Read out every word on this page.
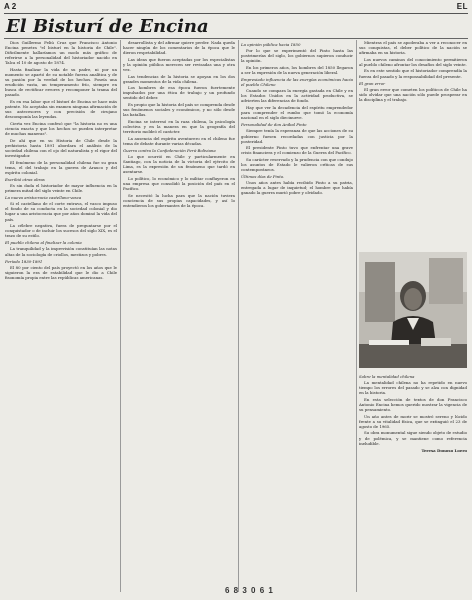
A 2	EL
El Bisturí de Encina

Dios Guillermo Feliú Cruz que Francisco Antonio Encina penetra "el bisturí en la historia de Chile". Dificilmente hallaríamos un modo más gráfico de referirse a la personalidad del historiador nacido en Talca el 10 de agosto de 1874.

Hasta finalizar la vida de su padre, ni por un momento se apartó de su notable fuerza analítica y de su pasión por la verdad de los hechos. Poseía una erudición vasta, un temperamento frío, siempre en busca de rectificar errores y recomponer la trama del pasado.

Es en esa labor que el bisturí de Encina se hace más patente. No aceptaba sin examen ninguna afirmación de sus antecesores y con precisión de cirujano descomponía las leyendas.

Cierta vez Encina confesó que "la historia no es una ciencia exacta y que los hechos se pueden interpretar de muchas maneras".

De ahí que en su Historia de Chile desde la prehistoria hasta 1891 abordara el análisis de la sociedad chilena con el ojo del naturalista y el rigor del investigador.

El fenómeno de la personalidad chilena fue su gran tema, el del trabajo en la guerra de Arauco y del espíritu colonial.

Escribió otras obras

Es sin duda el historiador de mayor influencia en la primera mitad del siglo veinte en Chile.

La nueva aristocracia castellano-vasca

Si el castellano de el corte entrava, el vasco impuso el fondo de su conducta en la sociedad colonial y dio lugar a una aristocracia que por años dominó la vida del país.

La célebre negativa, fuera de preguntarse por el conquistador o de incluir los sucesos del siglo XIX, es el trazo de su estilo.

El pueblo chileno al finalizar la colonia

La tranquilidad y la imprevisión constituían las notas altas de la sociología de criollos, mestizos y pobres.

Período 1830-1891

El 80 por ciento del país proyectó en los años que le siguieron la era de estabilidad que le dio a Chile fisonomía propia entre las repúblicas americanas.

desarrollista y del afirmar quiere perder. Nada queda hacer ningún de los comentarios de la época que le dieron respetabilidad.

Las ideas que fueron aceptadas por los especialistas y la opinión pública merecen ser revisadas una y otra vez.

Las tendencias de la historia se apoyan en los dos grandes momentos de la vida chilena.

Los hombres de esa época fueron fuertemente impulsados por una ética de trabajo y un profundo sentido del deber.

Es propio que la historia del país se comprenda desde sus fenómenos sociales y económicos, y no sólo desde las batallas.

Encina se interesó en la raza chilena, la psicología colectiva y en la manera en que la geografía del territorio moldeó el carácter.

La ausencia del espíritu aventurero en el chileno fue tema de debate durante varias décadas.

Guerra contra la Confederación Perú-Boliviana

Lo que ocurrió en Chile y particularmente en Santiago, con la noticia de la victoria del ejército de Lima, es la expresión de un fenómeno que tardó en asentarse.

Lo político, lo económico y lo militar confluyeron en una empresa que consolidó la posición del país en el Pacífico.

Se necesitó la lucha para que la nación tuviera conciencia de sus propias capacidades, y así lo entendieron los gobernantes de la época.

La opinión pública hacia 1850

Por lo que se experimentó del Pinto hasta las postrimerías del siglo, los gobiernos supieron conducir la opinión.

En los primeros años, los hombres del 1850 llegaron a ser la expresión de la nueva generación liberal.

Empresiado influencia de las energías económicas hacia el pueblo Chileno

Cuando se compara la energía gastada en Chile y en los Estados Unidos en la actividad productiva, se advierten las diferencias de fondo.

Hay que ver la decadencia del espíritu emprendedor para comprender el rumbo que tomó la economía nacional en el siglo diecinueve.

Personalidad de don Aníbal Pinto

Siempre tenía la esperanza de que las acciones de su gobierno fuesen recordadas con justicia por la posteridad.

El presidente Pinto tuvo que enfrentar una grave crisis financiera y el comienzo de la Guerra del Pacífico.

Su carácter reservado y la prudencia con que condujo los asuntos de Estado le valieron críticas de sus contemporáneos.

Últimos días de Pinto.

Unos años antes había recibido Pinto a su patria, entregada a lugar de inquietud; el hombre que había ganado la guerra murió pobre y olvidado.

Mientras el país se apoderaba a ver a reconocer en sus conquistas, el deber político de la nación se afirmaba en su historia.

Los nuevos caminos del conocimiento permitieron al pueblo chileno afrontar los desafíos del siglo veinte.

Es en este sentido que el historiador comprendía la fuerza del pasado y la responsabilidad del presente.

El gran error

El gran error que cometen los políticos de Chile ha sido olvidar que una nación sólo puede prosperar en la disciplina y el trabajo.

Sobre la mentalidad chilena

La mentalidad chilena no ha repetido en nuevo tiempo los errores del pasado y se alza con dignidad en la historia.

En esta selección de textos de don Francisco Antonio Encina hemos querido mostrar la vigencia de su pensamiento.

Un año antes de morir se mostró sereno y lúcido frente a su vitalidad física, que se extinguió el 23 de agosto de 1965.

Su obra monumental sigue siendo objeto de estudio y de polémica, y se mantiene como referencia ineludible.

Teresa Donoso Loero

6 8 3 0 6 1
